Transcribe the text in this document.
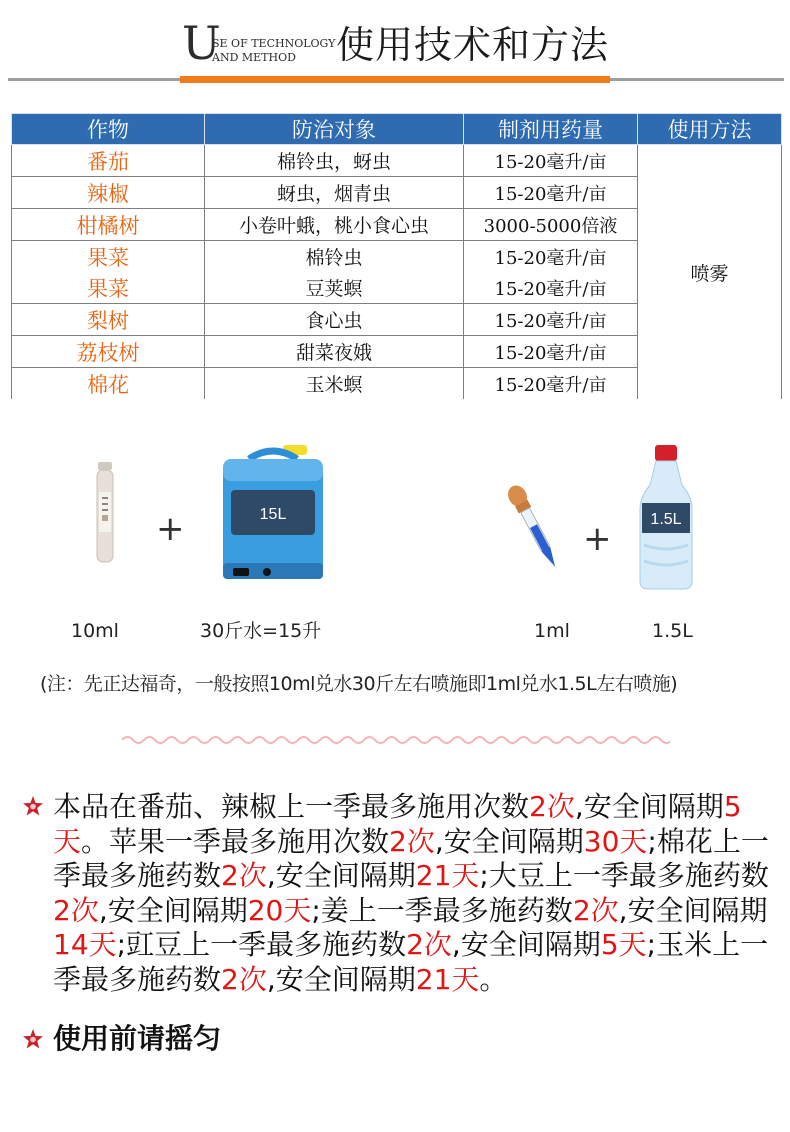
U
SE OF TECHNOLOGY
AND METHOD	使用技术和方法
作物	防治对象	制剂用药量	使用方法
番茄	棉铃虫，蚜虫	15-20毫升/亩	喷雾
辣椒	蚜虫，烟青虫	15-20毫升/亩	
柑橘树	小卷叶蛾，桃小食心虫	3000-5000倍液	
果菜	棉铃虫	15-20毫升/亩	
果菜	豆荚螟	15-20毫升/亩	
梨树	食心虫	15-20毫升/亩	
荔枝树	甜菜夜娥	15-20毫升/亩	
棉花	玉米螟	15-20毫升/亩	
+	15L
+ 1.5L
10ml	30斤水=15升	1ml	1.5L
(注：先正达福奇，一般按照10ml兑水30斤左右喷施即1ml兑水1.5L左右喷施)
本品在番茄、辣椒上一季最多施用次数2次,安全间隔期5天。苹果一季最多施用次数2次,安全间隔期30天;棉花上一季最多施药数2次,安全间隔期21天;大豆上一季最多施药数2次,安全间隔期20天;姜上一季最多施药数2次,安全间隔期14天;豇豆上一季最多施药数2次,安全间隔期5天;玉米上一季最多施药数2次,安全间隔期21天。
使用前请摇匀
